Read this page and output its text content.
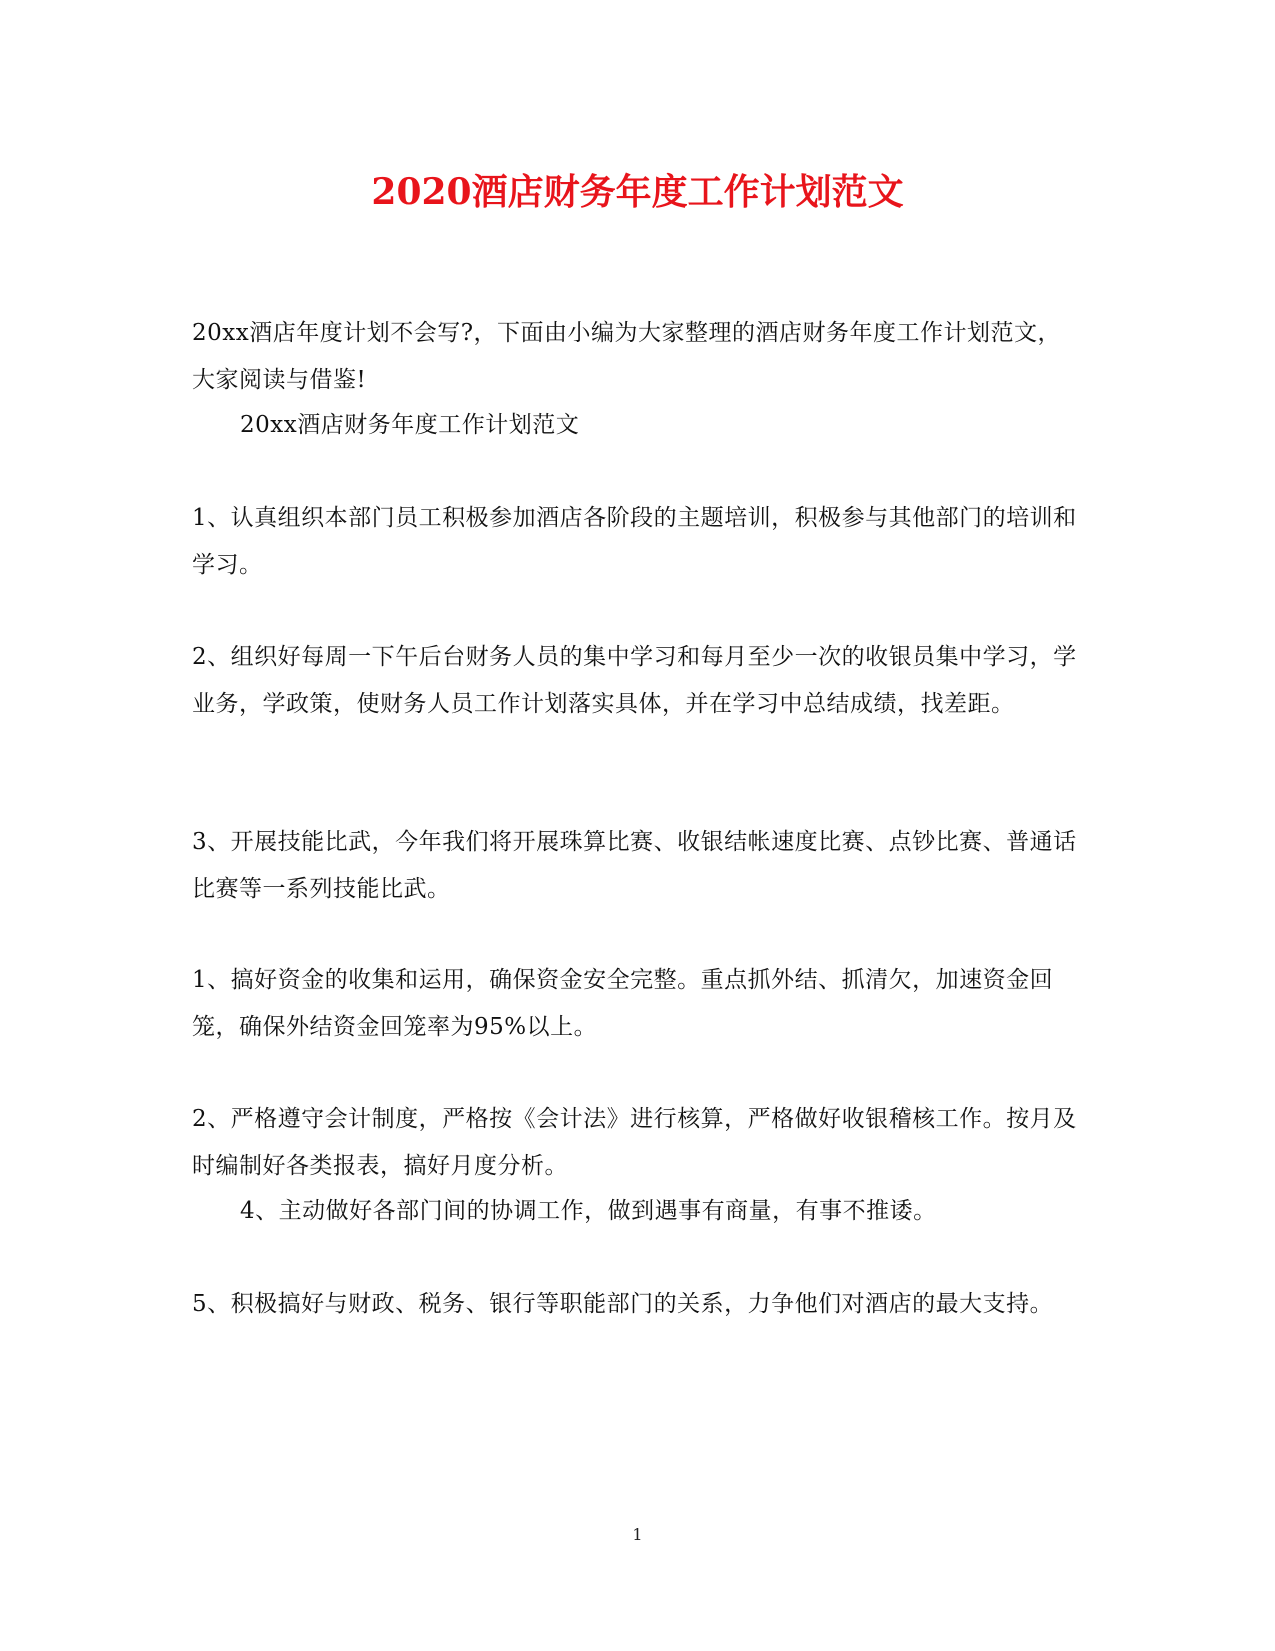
2020酒店财务年度工作计划范文

20xx酒店年度计划不会写?，下面由小编为大家整理的酒店财务年度工作计划范文，大家阅读与借鉴!

20xx酒店财务年度工作计划范文

1、认真组织本部门员工积极参加酒店各阶段的主题培训，积极参与其他部门的培训和学习。

2、组织好每周一下午后台财务人员的集中学习和每月至少一次的收银员集中学习，学业务，学政策，使财务人员工作计划落实具体，并在学习中总结成绩，找差距。

3、开展技能比武，今年我们将开展珠算比赛、收银结帐速度比赛、点钞比赛、普通话比赛等一系列技能比武。

1、搞好资金的收集和运用，确保资金安全完整。重点抓外结、抓清欠，加速资金回笼，确保外结资金回笼率为95%以上。

2、严格遵守会计制度，严格按《会计法》进行核算，严格做好收银稽核工作。按月及时编制好各类报表，搞好月度分析。

4、主动做好各部门间的协调工作，做到遇事有商量，有事不推诿。

5、积极搞好与财政、税务、银行等职能部门的关系，力争他们对酒店的最大支持。

1
